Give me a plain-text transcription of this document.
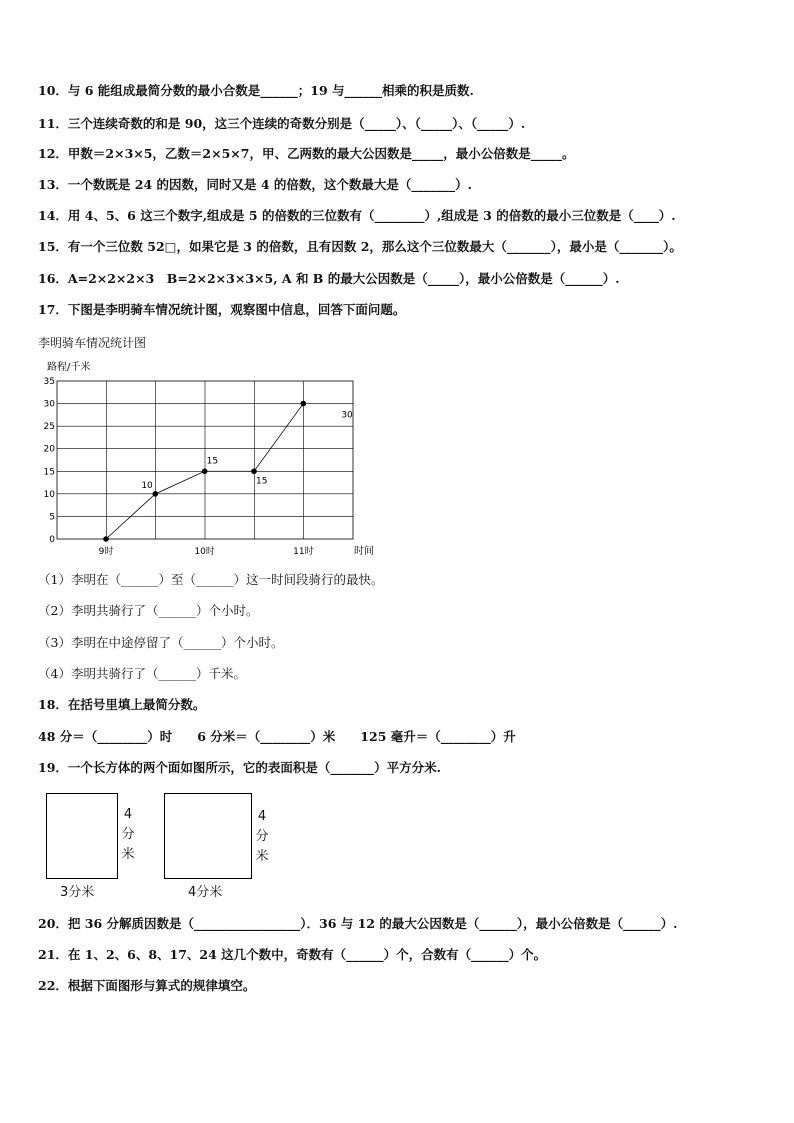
10．与 6 能组成最简分数的最小合数是______；19 与______相乘的积是质数.
11．三个连续奇数的和是 90，这三个连续的奇数分别是（_____）、（_____）、（_____）.
12．甲数＝2×3×5，乙数＝2×5×7，甲、乙两数的最大公因数是_____，最小公倍数是_____。
13．一个数既是 24 的因数，同时又是 4 的倍数，这个数最大是（_______）.
14．用 4、5、6 这三个数字,组成是 5 的倍数的三位数有（________）,组成是 3 的倍数的最小三位数是（____）.
15．有一个三位数 52□，如果它是 3 的倍数，且有因数 2，那么这个三位数最大（_______），最小是（_______）。
16．A=2×2×2×3　B=2×2×3×3×5, A 和 B 的最大公因数是（_____），最小公倍数是（______）.
17．下图是李明骑车情况统计图，观察图中信息，回答下面问题。
李明骑车情况统计图
0
5
10
15
20
25
30
35
9时	10时	11时
10
15
15
30
路程/千米
时间
（1）李明在（______）至（______）这一时间段骑行的最快。
（2）李明共骑行了（______）个小时。
（3）李明在中途停留了（______）个小时。
（4）李明共骑行了（______）千米。
18．在括号里填上最简分数。
48 分＝（________）时　　6 分米＝（________）米　　125 毫升＝（________）升
19．一个长方体的两个面如图所示，它的表面积是（_______）平方分米.
4
分
米
3分米
4
分
米
4分米
20．把 36 分解质因数是（_________________）．36 与 12 的最大公因数是（______），最小公倍数是（______）.
21．在 1、2、6、8、17、24 这几个数中，奇数有（______）个，合数有（______）个。
22．根据下面图形与算式的规律填空。
